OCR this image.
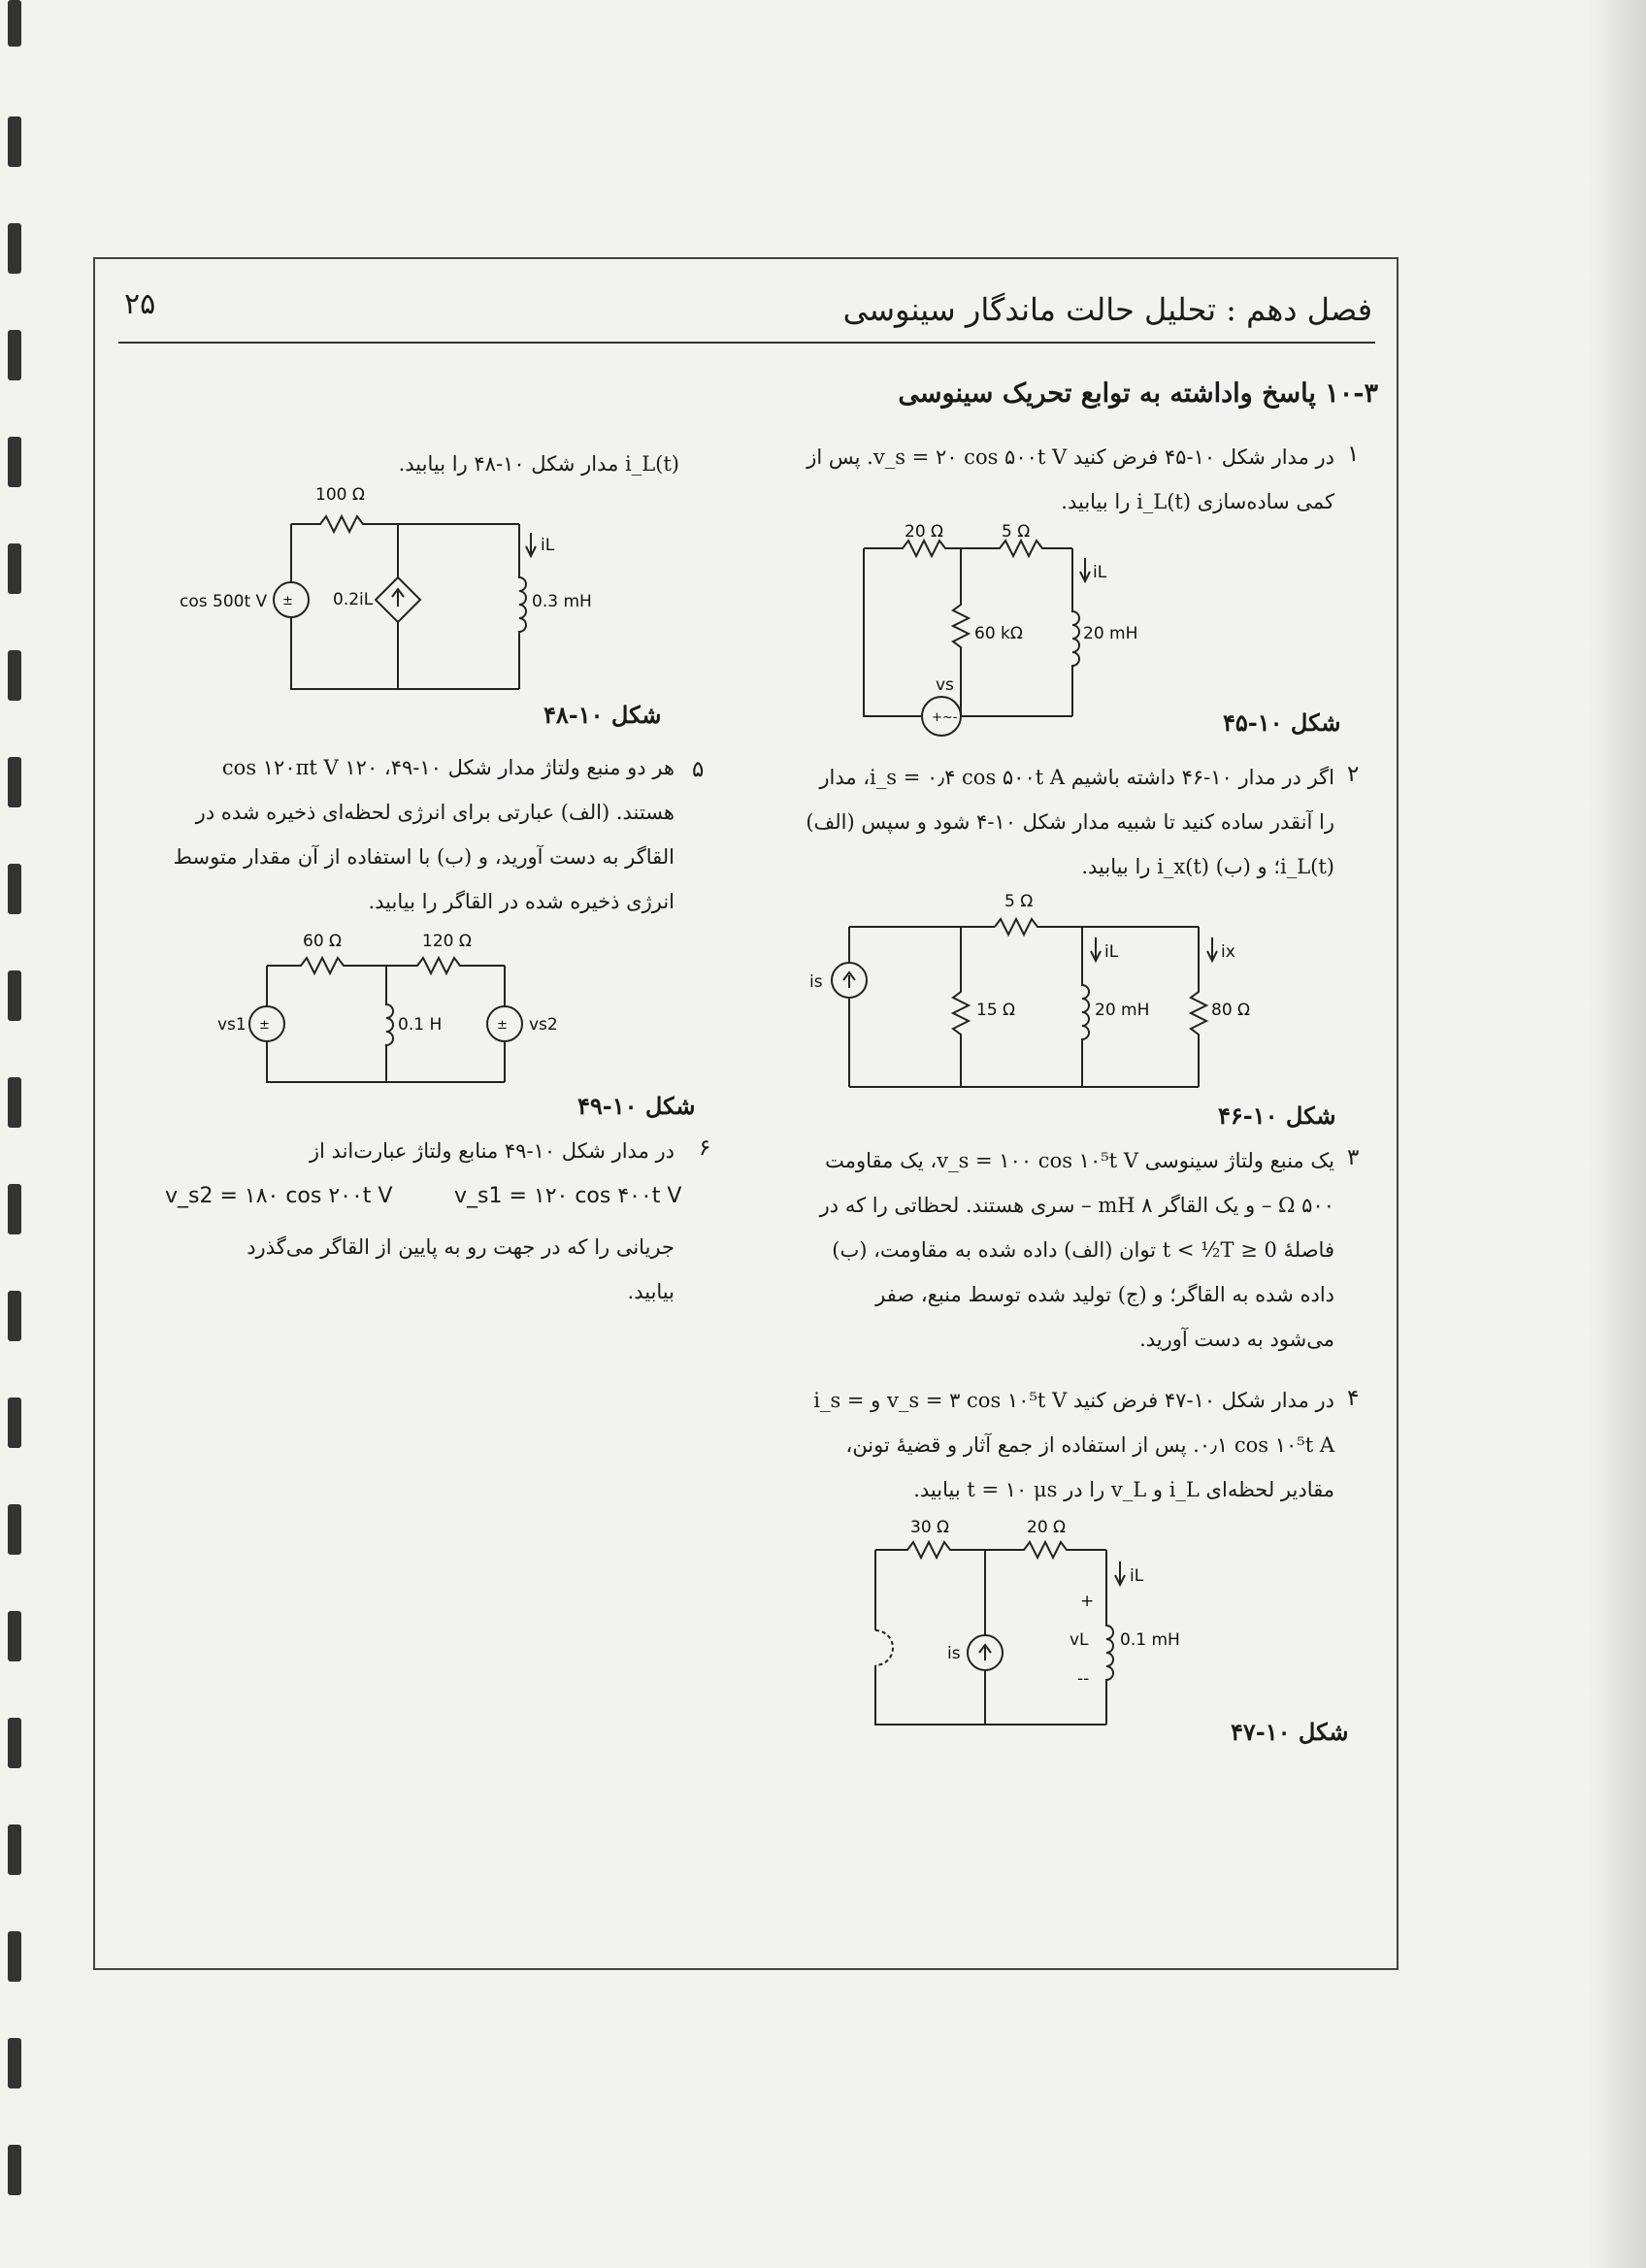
۲۵	فصل دهم : تحلیل حالت ماندگار سینوسی
۱۰-۳ پاسخ واداشته به توابع تحریک سینوسی
۱
در مدار شکل ۱۰-۴۵ فرض کنید v_s = ۲۰ cos ۵۰۰t V. پس از کمی ساده‌سازی i_L(t) را بیابید.
20 Ω	5 Ω
60 kΩ	20 mH
iL
vs
+~-	شکل ۱۰-۴۵
۲
اگر در مدار ۱۰-۴۶ داشته باشیم i_s = ۰٫۴ cos ۵۰۰t A، مدار را آنقدر ساده کنید تا شبیه مدار شکل ۱۰-۴ شود و سپس (الف) i_L(t)؛ و (ب) i_x(t) را بیابید.
5 Ω
15 Ω	20 mH	80 Ω
iL	ix
is
شکل ۱۰-۴۶
۳
یک منبع ولتاژ سینوسی v_s = ۱۰۰ cos ۱۰⁵t V، یک مقاومت ۵۰۰ Ω – و یک القاگر ۸ mH – سری هستند. لحظاتی را که در فاصلهٔ 0 ≤ t < ½T توان (الف) داده شده به مقاومت، (ب) داده شده به القاگر؛ و (ج) تولید شده توسط منبع، صفر می‌شود به دست آورید.
۴
در مدار شکل ۱۰-۴۷ فرض کنید v_s = ۳ cos ۱۰⁵t V و i_s = ۰٫۱ cos ۱۰⁵t A. پس از استفاده از جمع آثار و قضیهٔ تونن، مقادیر لحظه‌ای i_L و v_L را در t = ۱۰ μs بیابید.
30 Ω	20 Ω
0.1 mH
iL
vL
+
--
is
شکل ۱۰-۴۷
i_L(t) مدار شکل ۱۰-۴۸ را بیابید.
100 Ω
cos 500t V	0.2iL	0.3 mH
iL
±
شکل ۱۰-۴۸
۵
هر دو منبع ولتاژ مدار شکل ۱۰-۴۹، ۱۲۰ cos ۱۲۰πt V هستند. (الف) عبارتی برای انرژی لحظه‌ای ذخیره شده در القاگر به دست آورید، و (ب) با استفاده از آن مقدار متوسط انرژی ذخیره شده در القاگر را بیابید.
60 Ω	120 Ω
0.1 H
vs1	vs2
±	±
شکل ۱۰-۴۹
۶
در مدار شکل ۱۰-۴۹ منابع ولتاژ عبارت‌اند از
v_s1 = ۱۲۰ cos ۴۰۰t V
v_s2 = ۱۸۰ cos ۲۰۰t V
جریانی را که در جهت رو به پایین از القاگر می‌گذرد بیابید.
